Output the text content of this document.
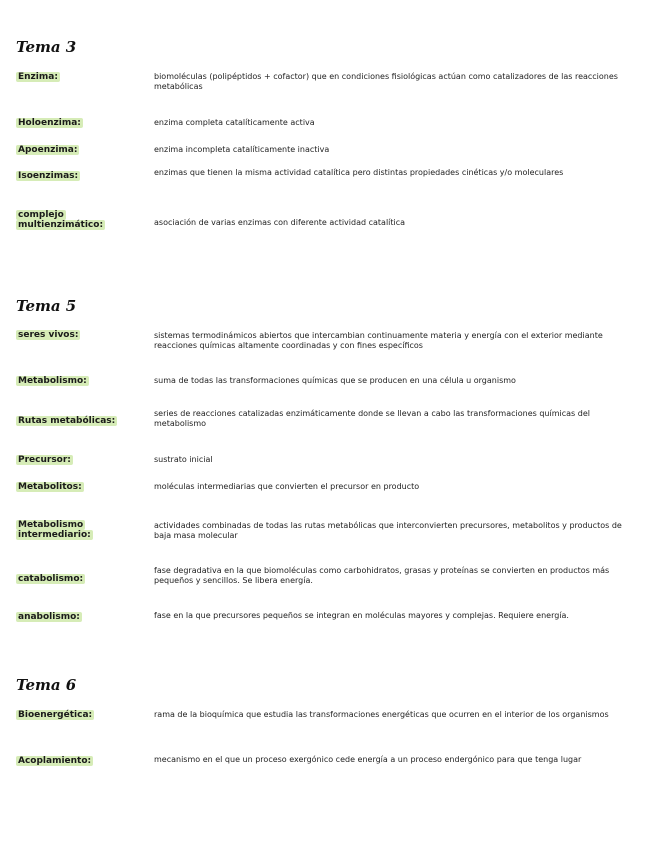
Tema 3
Enzima:	biomoléculas (polipéptidos + cofactor) que en condiciones fisiológicas actúan como catalizadores de las reacciones metabólicas
Holoenzima:	enzima completa catalíticamente activa
Apoenzima:	enzima incompleta catalíticamente inactiva
Isoenzimas:	enzimas que tienen la misma actividad catalítica pero distintas propiedades cinéticas y/o moleculares
complejo multienzimático:	asociación de varias enzimas con diferente actividad catalítica
Tema 5
seres vivos:	sistemas termodinámicos abiertos que intercambian continuamente materia y energía con el exterior mediante reacciones químicas altamente coordinadas y con fines específicos
Metabolismo:	suma de todas las transformaciones químicas que se producen en una célula u organismo
Rutas metabólicas:
series de reacciones catalizadas enzimáticamente donde se llevan a cabo las transformaciones químicas del metabolismo
Precursor:	sustrato inicial
Metabolitos:	moléculas intermediarias que convierten el precursor en producto
Metabolismo intermediario:
actividades combinadas de todas las rutas metabólicas que interconvierten precursores, metabolitos y productos de baja masa molecular
catabolismo:
fase degradativa en la que biomoléculas como carbohidratos, grasas y proteínas se convierten en productos más pequeños y sencillos. Se libera energía.
anabolismo:	fase en la que precursores pequeños se integran en moléculas mayores y complejas. Requiere energía.
Tema 6
Bioenergética:	rama de la bioquímica que estudia las transformaciones energéticas que ocurren en el interior de los organismos
Acoplamiento:	mecanismo en el que un proceso exergónico cede energía a un proceso endergónico para que tenga lugar
